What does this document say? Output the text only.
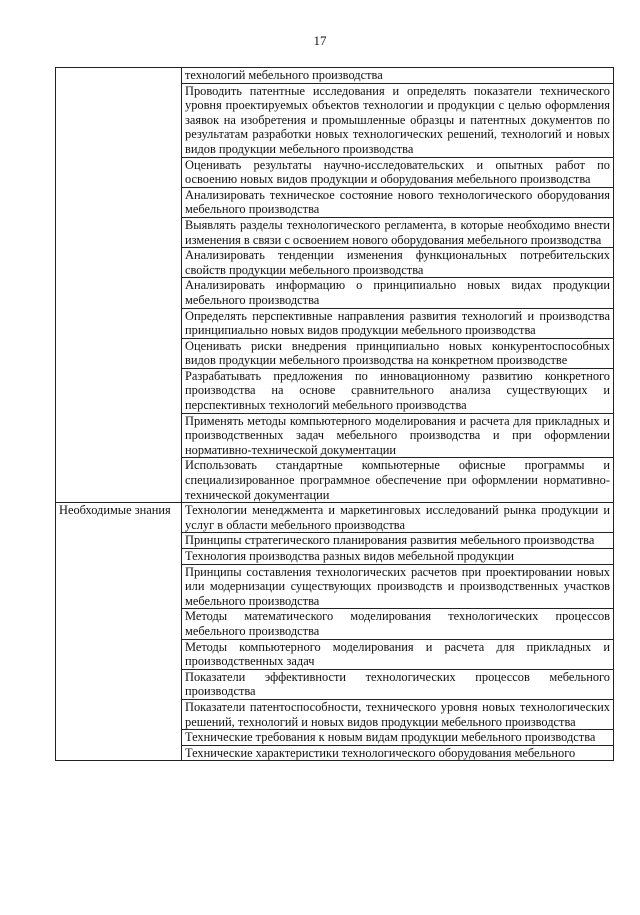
17
	технологий мебельного производства
	Проводить патентные исследования и определять показатели технического уровня проектируемых объектов технологии и продукции с целью оформления заявок на изобретения и промышленные образцы и патентных документов по результатам разработки новых технологических решений, технологий и новых видов продукции мебельного производства
	Оценивать результаты научно-исследовательских и опытных работ по освоению новых видов продукции и оборудования мебельного производства
	Анализировать техническое состояние нового технологического оборудования мебельного производства
	Выявлять разделы технологического регламента, в которые необходимо внести изменения в связи с освоением нового оборудования мебельного производства
	Анализировать тенденции изменения функциональных потребительских свойств продукции мебельного производства
	Анализировать информацию о принципиально новых видах продукции мебельного производства
	Определять перспективные направления развития технологий и производства принципиально новых видов продукции мебельного производства
	Оценивать риски внедрения принципиально новых конкурентоспособных видов продукции мебельного производства на конкретном производстве
	Разрабатывать предложения по инновационному развитию конкретного производства на основе сравнительного анализа существующих и перспективных технологий мебельного производства
	Применять методы компьютерного моделирования и расчета для прикладных и производственных задач мебельного производства и при оформлении нормативно-технической документации
	Использовать стандартные компьютерные офисные программы и специализированное программное обеспечение при оформлении нормативно-технической документации
Необходимые знания	Технологии менеджмента и маркетинговых исследований рынка продукции и услуг в области мебельного производства
	Принципы стратегического планирования развития мебельного производства
	Технология производства разных видов мебельной продукции
	Принципы составления технологических расчетов при проектировании новых или модернизации существующих производств и производственных участков мебельного производства
	Методы математического моделирования технологических процессов мебельного производства
	Методы компьютерного моделирования и расчета для прикладных и производственных задач
	Показатели эффективности технологических процессов мебельного производства
	Показатели патентоспособности, технического уровня новых технологических решений, технологий и новых видов продукции мебельного производства
	Технические требования к новым видам продукции мебельного производства
	Технические характеристики технологического оборудования мебельного
